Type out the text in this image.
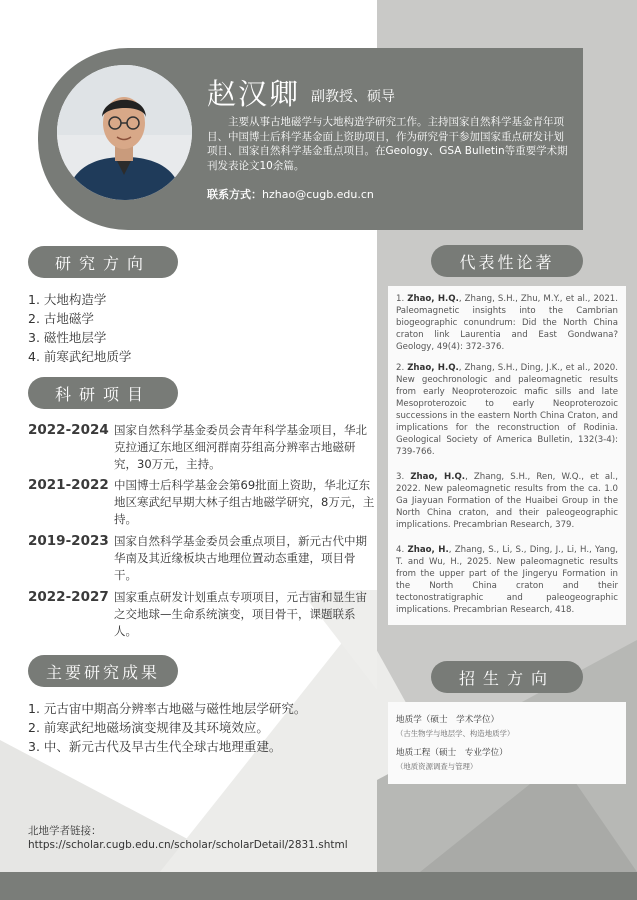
赵汉卿 副教授、硕导
主要从事古地磁学与大地构造学研究工作。主持国家自然科学基金青年项目、中国博士后科学基金面上资助项目，作为研究骨干参加国家重点研发计划项目、国家自然科学基金重点项目。在Geology、GSA Bulletin等重要学术期刊发表论文10余篇。
联系方式：hzhao@cugb.edu.cn
研究方向
1. 大地构造学
2. 古地磁学
3. 磁性地层学
4. 前寒武纪地质学
科研项目
2022-2024 国家自然科学基金委员会青年科学基金项目，华北克拉通辽东地区细河群南芬组高分辨率古地磁研究，30万元，主持。
2021-2022 中国博士后科学基金会第69批面上资助，华北辽东地区寒武纪早期大林子组古地磁学研究，8万元，主持。
2019-2023 国家自然科学基金委员会重点项目，新元古代中期华南及其近缘板块古地理位置动态重建，项目骨干。
2022-2027 国家重点研发计划重点专项项目，元古宙和显生宙之交地球—生命系统演变，项目骨干，课题联系人。
主要研究成果
1. 元古宙中期高分辨率古地磁与磁性地层学研究。
2. 前寒武纪地磁场演变规律及其环境效应。
3. 中、新元古代及早古生代全球古地理重建。
代表性论著
1. Zhao, H.Q., Zhang, S.H., Zhu, M.Y., et al., 2021. Paleomagnetic insights into the Cambrian biogeographic conundrum: Did the North China craton link Laurentia and East Gondwana? Geology, 49(4): 372-376.
2. Zhao, H.Q., Zhang, S.H., Ding, J.K., et al., 2020. New geochronologic and paleomagnetic results from early Neoproterozoic mafic sills and late Mesoproterozoic to early Neoproterozoic successions in the eastern North China Craton, and implications for the reconstruction of Rodinia. Geological Society of America Bulletin, 132(3-4): 739-766.
3. Zhao, H.Q., Zhang, S.H., Ren, W.Q., et al., 2022. New paleomagnetic results from the ca. 1.0 Ga Jiayuan Formation of the Huaibei Group in the North China craton, and their paleogeographic implications. Precambrian Research, 379.
4. Zhao, H., Zhang, S., Li, S., Ding, J., Li, H., Yang, T. and Wu, H., 2025. New paleomagnetic results from the upper part of the Jingeryu Formation in the North China craton and their tectonostratigraphic and paleogeographic implications. Precambrian Research, 418.
招生方向
地质学（硕士　学术学位）
（古生物学与地层学、构造地质学）
地质工程（硕士　专业学位）
（地质资源调查与管理）
北地学者链接：
https://scholar.cugb.edu.cn/scholar/scholarDetail/2831.shtml
